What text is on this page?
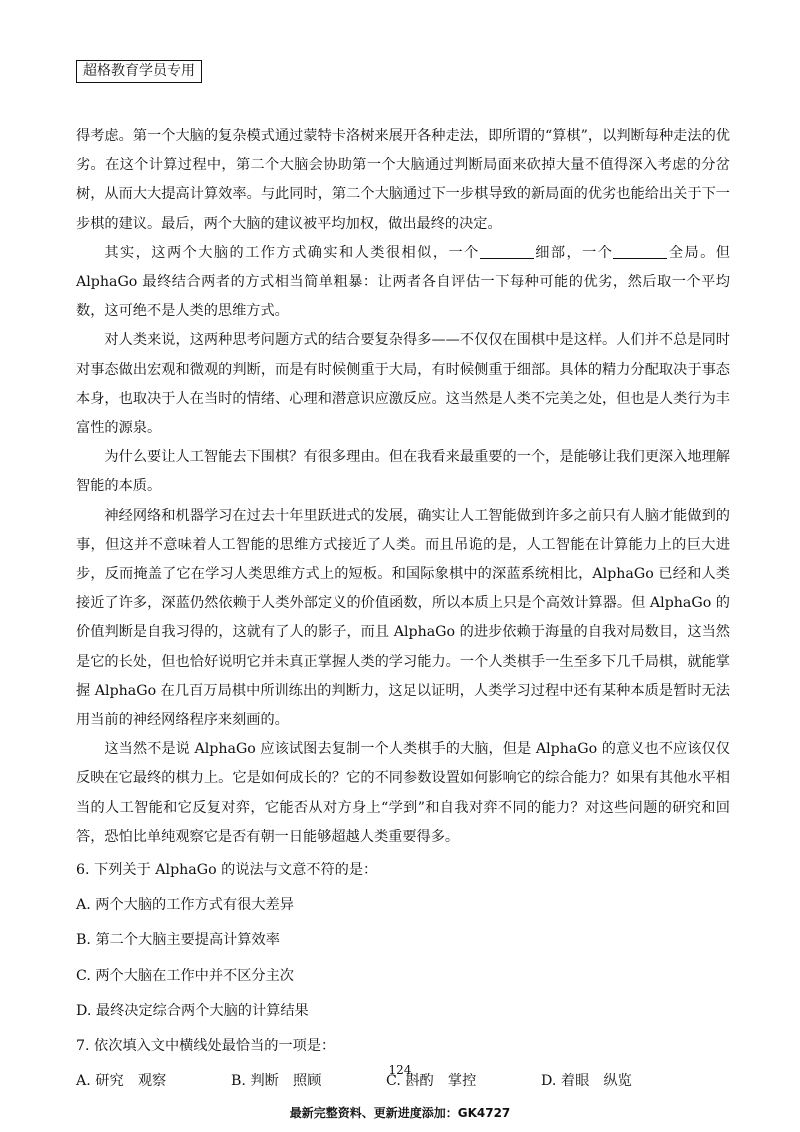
超格教育学员专用

得考虑。第一个大脑的复杂模式通过蒙特卡洛树来展开各种走法，即所谓的“算棋”，以判断每种走法的优劣。在这个计算过程中，第二个大脑会协助第一个大脑通过判断局面来砍掉大量不值得深入考虑的分岔树，从而大大提高计算效率。与此同时，第二个大脑通过下一步棋导致的新局面的优劣也能给出关于下一步棋的建议。最后，两个大脑的建议被平均加权，做出最终的决定。

其实，这两个大脑的工作方式确实和人类很相似，一个	细部，一个	全局。但 AlphaGo 最终结合两者的方式相当简单粗暴：让两者各自评估一下每种可能的优劣，然后取一个平均数，这可绝不是人类的思维方式。

对人类来说，这两种思考问题方式的结合要复杂得多——不仅仅在围棋中是这样。人们并不总是同时对事态做出宏观和微观的判断，而是有时候侧重于大局，有时候侧重于细部。具体的精力分配取决于事态本身，也取决于人在当时的情绪、心理和潜意识应激反应。这当然是人类不完美之处，但也是人类行为丰富性的源泉。

为什么要让人工智能去下围棋？有很多理由。但在我看来最重要的一个，是能够让我们更深入地理解智能的本质。

神经网络和机器学习在过去十年里跃进式的发展，确实让人工智能做到许多之前只有人脑才能做到的事，但这并不意味着人工智能的思维方式接近了人类。而且吊诡的是，人工智能在计算能力上的巨大进步，反而掩盖了它在学习人类思维方式上的短板。和国际象棋中的深蓝系统相比，AlphaGo 已经和人类接近了许多，深蓝仍然依赖于人类外部定义的价值函数，所以本质上只是个高效计算器。但 AlphaGo 的价值判断是自我习得的，这就有了人的影子，而且 AlphaGo 的进步依赖于海量的自我对局数目，这当然是它的长处，但也恰好说明它并未真正掌握人类的学习能力。一个人类棋手一生至多下几千局棋，就能掌握 AlphaGo 在几百万局棋中所训练出的判断力，这足以证明，人类学习过程中还有某种本质是暂时无法用当前的神经网络程序来刻画的。

这当然不是说 AlphaGo 应该试图去复制一个人类棋手的大脑，但是 AlphaGo 的意义也不应该仅仅反映在它最终的棋力上。它是如何成长的？它的不同参数设置如何影响它的综合能力？如果有其他水平相当的人工智能和它反复对弈，它能否从对方身上“学到”和自我对弈不同的能力？对这些问题的研究和回答，恐怕比单纯观察它是否有朝一日能够超越人类重要得多。

6. 下列关于 AlphaGo 的说法与文意不符的是：

A. 两个大脑的工作方式有很大差异

B. 第二个大脑主要提高计算效率

C. 两个大脑在工作中并不区分主次

D. 最终决定综合两个大脑的计算结果

7. 依次填入文中横线处最恰当的一项是：

A. 研究　观察	B. 判断　照顾	C. 斟酌　掌控	D. 着眼　纵览
124
最新完整资料、更新进度添加：GK4727
